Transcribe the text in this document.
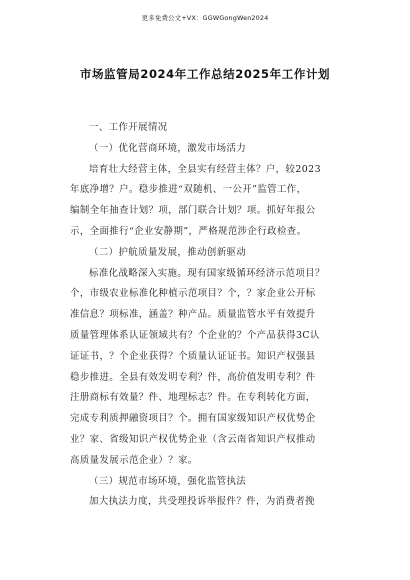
更多免费公文+VX：GGWGongWen2024
市场监管局2024年工作总结2025年工作计划
一、工作开展情况
（一）优化营商环境，激发市场活力
培育壮大经营主体，全县实有经营主体？户，较2023
年底净增？户。稳步推进“双随机、一公开”监管工作，
编制全年抽查计划？项，部门联合计划？项。抓好年报公
示，全面推行“企业安静期”，严格规范涉企行政检查。
（二）护航质量发展，推动创新驱动
标准化战略深入实施。现有国家级循环经济示范项目？
个，市级农业标准化种植示范项目？个，？家企业公开标
准信息？项标准，涵盖？种产品。质量监管水平有效提升
质量管理体系认证领域共有？个企业的？个产品获得3C认
证证书，？个企业获得？个质量认证证书。知识产权强县
稳步推进。全县有效发明专利？件，高价值发明专利？件
注册商标有效量？件、地理标志？件。在专利转化方面，
完成专利质押融资项目？个。拥有国家级知识产权优势企
业？家、省级知识产权优势企业（含云南省知识产权推动
高质量发展示范企业）？家。
（三）规范市场环境，强化监管执法
加大执法力度，共受理投诉举报件？件，为消费者挽
